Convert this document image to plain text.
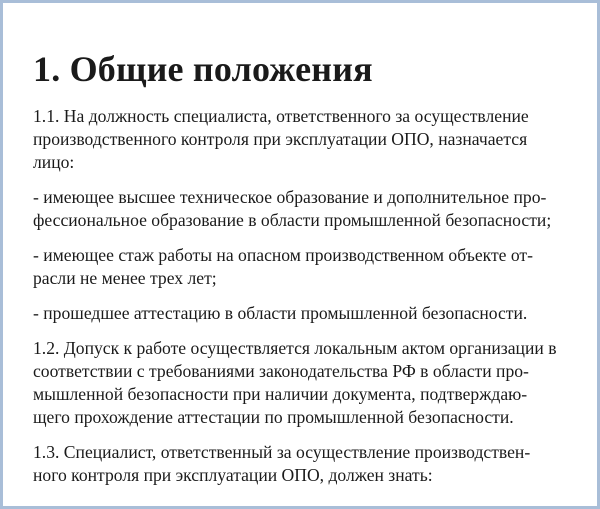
1. Общие положения

1.1. На должность специалиста, ответственного за осуществление
производственного контроля при эксплуатации ОПО, назначается
лицо:

- имеющее высшее техническое образование и дополнительное про-
фессиональное образование в области промышленной безопасности;

- имеющее стаж работы на опасном производственном объекте от-
расли не менее трех лет;

- прошедшее аттестацию в области промышленной безопасности.

1.2. Допуск к работе осуществляется локальным актом организации в
соответствии с требованиями законодательства РФ в области про-
мышленной безопасности при наличии документа, подтверждаю-
щего прохождение аттестации по промышленной безопасности.

1.3. Специалист, ответственный за осуществление производствен-
ного контроля при эксплуатации ОПО, должен знать:
